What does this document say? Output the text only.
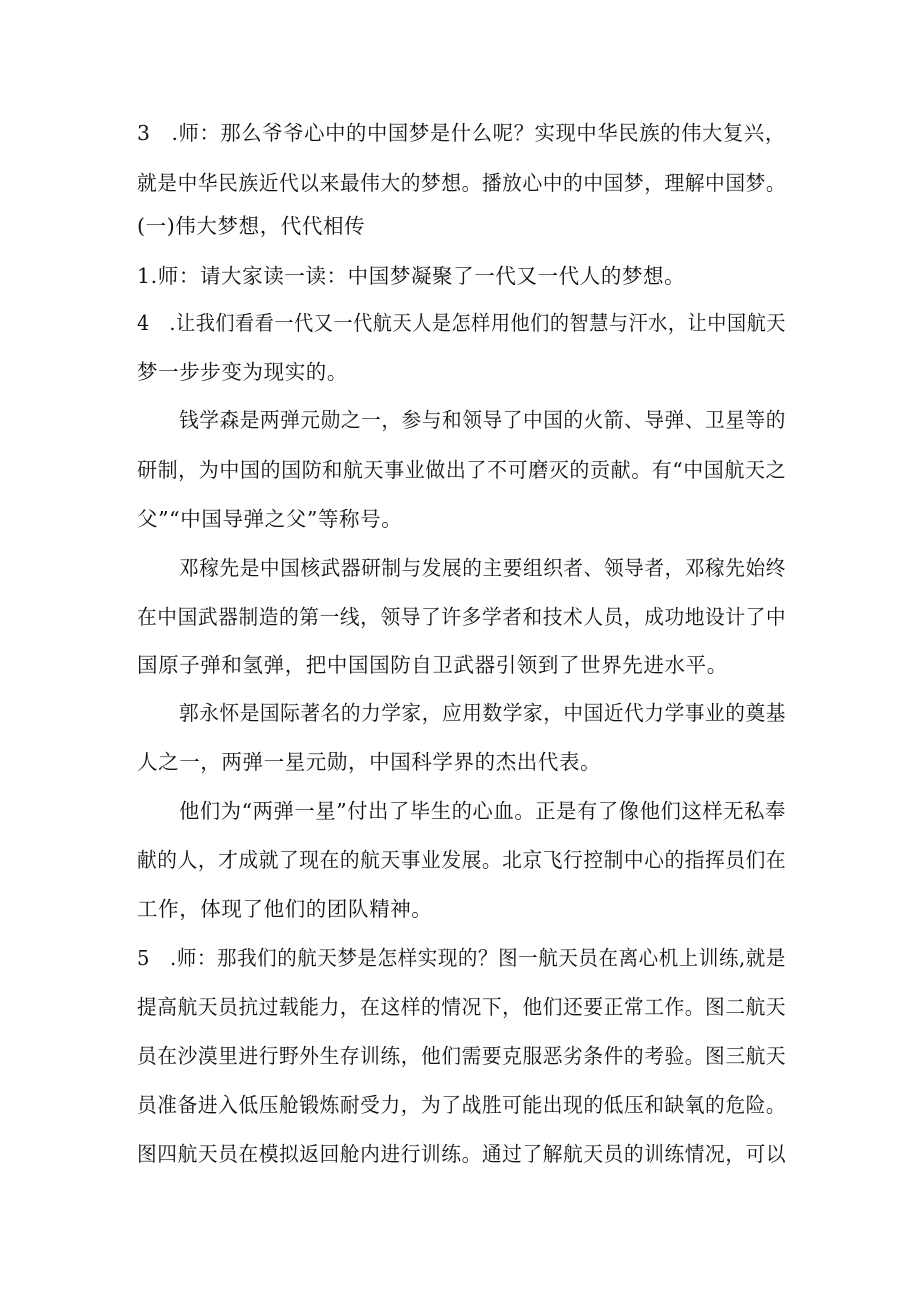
3 .师：那么爷爷心中的中国梦是什么呢？实现中华民族的伟大复兴，
就是中华民族近代以来最伟大的梦想。播放心中的中国梦，理解中国梦。
(一)伟大梦想，代代相传
1.师：请大家读一读：中国梦凝聚了一代又一代人的梦想。
4 .让我们看看一代又一代航天人是怎样用他们的智慧与汗水，让中国航天
梦一步步变为现实的。
钱学森是两弹元勋之一，参与和领导了中国的火箭、导弹、卫星等的
研制，为中国的国防和航天事业做出了不可磨灭的贡献。有“中国航天之
父”“中国导弹之父”等称号。
邓稼先是中国核武器研制与发展的主要组织者、领导者，邓稼先始终
在中国武器制造的第一线，领导了许多学者和技术人员，成功地设计了中
国原子弹和氢弹，把中国国防自卫武器引领到了世界先进水平。
郭永怀是国际著名的力学家，应用数学家，中国近代力学事业的奠基
人之一，两弹一星元勋，中国科学界的杰出代表。
他们为“两弹一星”付出了毕生的心血。正是有了像他们这样无私奉
献的人，才成就了现在的航天事业发展。北京飞行控制中心的指挥员们在
工作，体现了他们的团队精神。
5 .师：那我们的航天梦是怎样实现的？图一航天员在离心机上训练,就是
提高航天员抗过载能力，在这样的情况下，他们还要正常工作。图二航天
员在沙漠里进行野外生存训练，他们需要克服恶劣条件的考验。图三航天
员准备进入低压舱锻炼耐受力，为了战胜可能出现的低压和缺氧的危险。
图四航天员在模拟返回舱内进行训练。通过了解航天员的训练情况，可以
